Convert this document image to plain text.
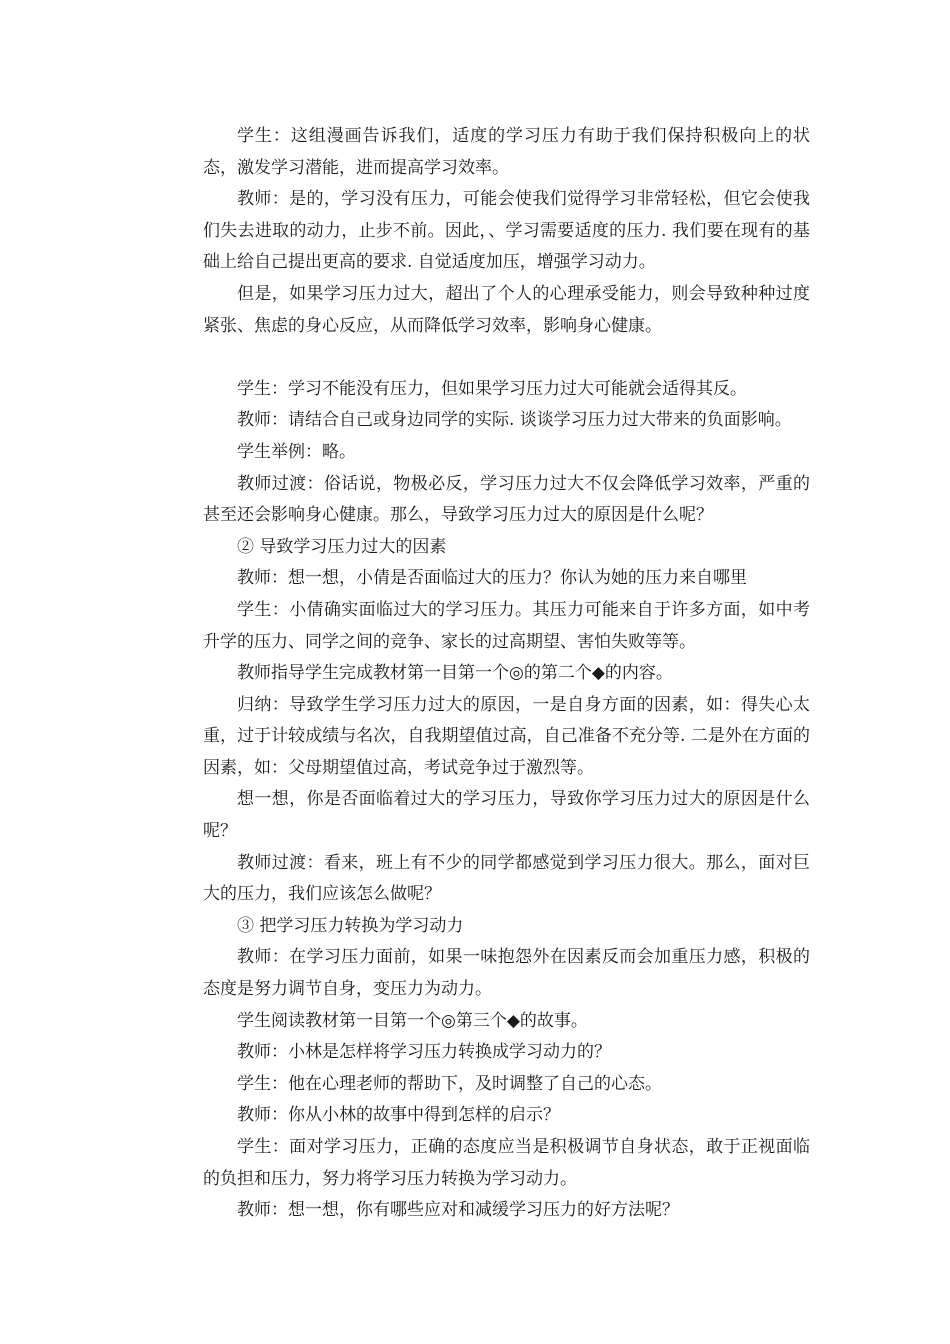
学生：这组漫画告诉我们，适度的学习压力有助于我们保持积极向上的状态，激发学习潜能，进而提高学习效率。

教师：是的，学习没有压力，可能会使我们觉得学习非常轻松，但它会使我们失去进取的动力，止步不前。因此，、学习需要适度的压力. 我们要在现有的基础上给自己提出更高的要求. 自觉适度加压，增强学习动力。

但是，如果学习压力过大，超出了个人的心理承受能力，则会导致种种过度紧张、焦虑的身心反应，从而降低学习效率，影响身心健康。

学生：学习不能没有压力，但如果学习压力过大可能就会适得其反。

教师：请结合自己或身边同学的实际. 谈谈学习压力过大带来的负面影响。

学生举例：略。

教师过渡：俗话说，物极必反，学习压力过大不仅会降低学习效率，严重的甚至还会影响身心健康。那么，导致学习压力过大的原因是什么呢？

② 导致学习压力过大的因素

教师：想一想，小倩是否面临过大的压力？你认为她的压力来自哪里

学生：小倩确实面临过大的学习压力。其压力可能来自于许多方面，如中考升学的压力、同学之间的竞争、家长的过高期望、害怕失败等等。

教师指导学生完成教材第一目第一个◎的第二个◆的内容。

归纳：导致学生学习压力过大的原因，一是自身方面的因素，如：得失心太重，过于计较成绩与名次，自我期望值过高，自己准备不充分等. 二是外在方面的因素，如：父母期望值过高，考试竞争过于激烈等。

想一想，你是否面临着过大的学习压力，导致你学习压力过大的原因是什么呢？

教师过渡：看来，班上有不少的同学都感觉到学习压力很大。那么，面对巨大的压力，我们应该怎么做呢？

③ 把学习压力转换为学习动力

教师：在学习压力面前，如果一味抱怨外在因素反而会加重压力感，积极的态度是努力调节自身，变压力为动力。

学生阅读教材第一目第一个◎第三个◆的故事。

教师：小林是怎样将学习压力转换成学习动力的？

学生：他在心理老师的帮助下，及时调整了自己的心态。

教师：你从小林的故事中得到怎样的启示？

学生：面对学习压力，正确的态度应当是积极调节自身状态，敢于正视面临的负担和压力，努力将学习压力转换为学习动力。

教师：想一想，你有哪些应对和减缓学习压力的好方法呢？
